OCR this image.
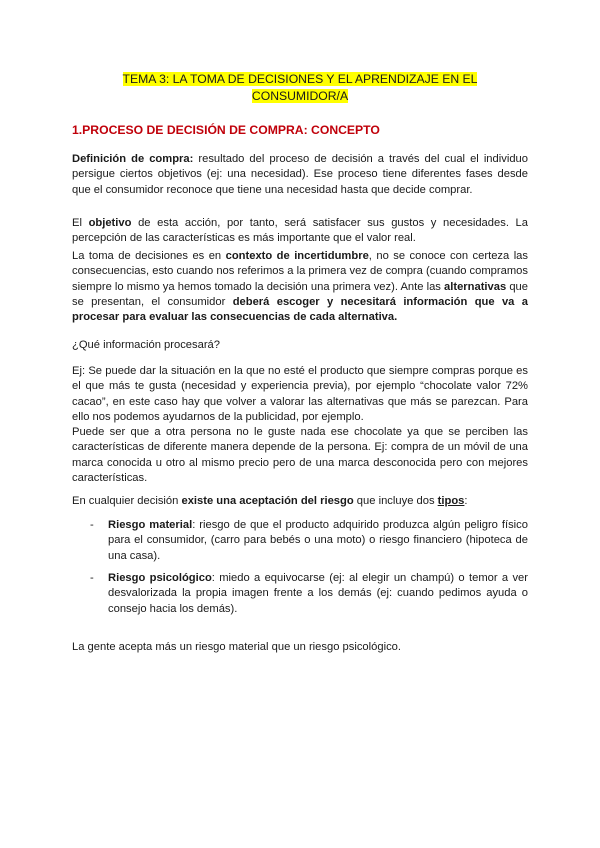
TEMA 3: LA TOMA DE DECISIONES Y EL APRENDIZAJE EN EL
CONSUMIDOR/A
1.PROCESO DE DECISIÓN DE COMPRA: CONCEPTO

Definición de compra: resultado del proceso de decisión a través del cual el individuo persigue ciertos objetivos (ej: una necesidad). Ese proceso tiene diferentes fases desde que el consumidor reconoce que tiene una necesidad hasta que decide comprar.

El objetivo de esta acción, por tanto, será satisfacer sus gustos y necesidades. La percepción de las características es más importante que el valor real.

La toma de decisiones es en contexto de incertidumbre, no se conoce con certeza las consecuencias, esto cuando nos referimos a la primera vez de compra (cuando compramos siempre lo mismo ya hemos tomado la decisión una primera vez). Ante las alternativas que se presentan, el consumidor deberá escoger y necesitará información que va a procesar para evaluar las consecuencias de cada alternativa.

¿Qué información procesará?

Ej: Se puede dar la situación en la que no esté el producto que siempre compras porque es el que más te gusta (necesidad y experiencia previa), por ejemplo “chocolate valor 72% cacao”, en este caso hay que volver a valorar las alternativas que más se parezcan. Para ello nos podemos ayudarnos de la publicidad, por ejemplo.

Puede ser que a otra persona no le guste nada ese chocolate ya que se perciben las características de diferente manera depende de la persona. Ej: compra de un móvil de una marca conocida u otro al mismo precio pero de una marca desconocida pero con mejores características.

En cualquier decisión existe una aceptación del riesgo que incluye dos tipos:

- Riesgo material: riesgo de que el producto adquirido produzca algún peligro físico para el consumidor, (carro para bebés o una moto) o riesgo financiero (hipoteca de una casa).
- Riesgo psicológico: miedo a equivocarse (ej: al elegir un champú) o temor a ver desvalorizada la propia imagen frente a los demás (ej: cuando pedimos ayuda o consejo hacia los demás).

La gente acepta más un riesgo material que un riesgo psicológico.
